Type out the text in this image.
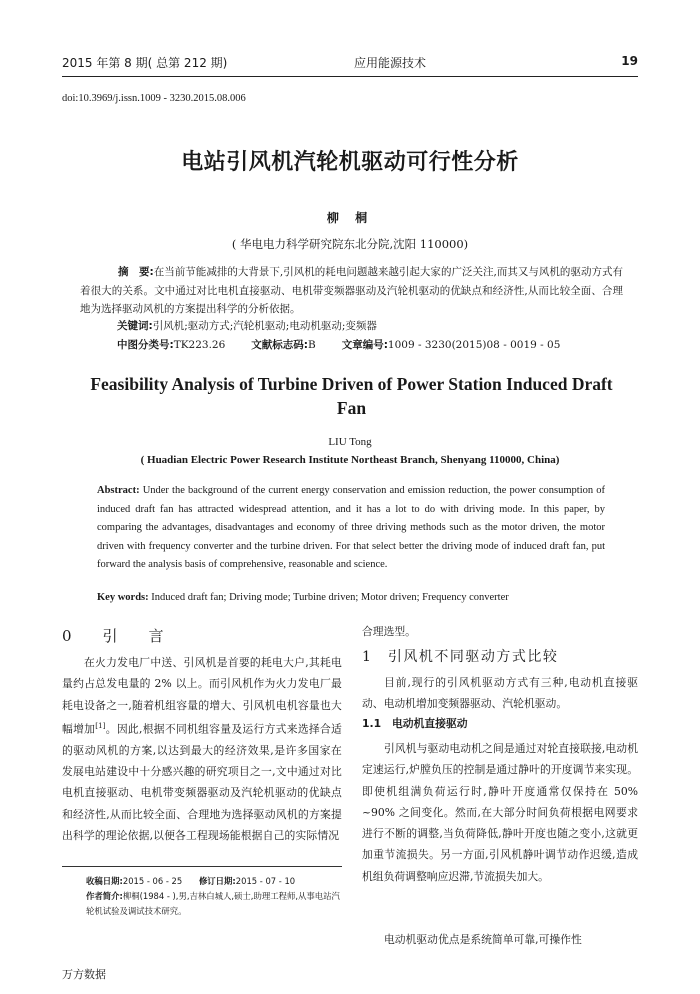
2015 年第 8 期( 总第 212 期)	应用能源技术	19
doi:10.3969/j.issn.1009 - 3230.2015.08.006
电站引风机汽轮机驱动可行性分析
柳 桐
( 华电电力科学研究院东北分院,沈阳 110000)
摘　要:在当前节能减排的大背景下,引风机的耗电问题越来越引起大家的广泛关注,而其又与风机的驱动方式有着很大的关系。文中通过对比电机直接驱动、电机带变频器驱动及汽轮机驱动的优缺点和经济性,从而比较全面、合理地为选择驱动风机的方案提出科学的分析依据。
关键词:引风机;驱动方式;汽轮机驱动;电动机驱动;变频器
中图分类号:TK223.26 文献标志码:B 文章编号:1009 - 3230(2015)08 - 0019 - 05
Feasibility Analysis of Turbine Driven of Power Station Induced Draft Fan
LIU Tong
( Huadian Electric Power Research Institute Northeast Branch, Shenyang 110000, China)
Abstract: Under the background of the current energy conservation and emission reduction, the power consumption of induced draft fan has attracted widespread attention, and it has a lot to do with driving mode. In this paper, by comparing the advantages, disadvantages and economy of three driving methods such as the motor driven, the motor driven with frequency converter and the turbine driven. For that select better the driving mode of induced draft fan, put forward the analysis basis of comprehensive, reasonable and science.
Key words: Induced draft fan; Driving mode; Turbine driven; Motor driven; Frequency converter
0　引　言
在火力发电厂中送、引风机是首要的耗电大户,其耗电量约占总发电量的 2% 以上。而引风机作为火力发电厂最耗电设备之一,随着机组容量的增大、引风机电机容量也大幅增加[1]。因此,根据不同机组容量及运行方式来选择合适的驱动风机的方案,以达到最大的经济效果,是许多国家在发展电站建设中十分感兴趣的研究项目之一,文中通过对比电机直接驱动、电机带变频器驱动及汽轮机驱动的优缺点和经济性,从而比较全面、合理地为选择驱动风机的方案提出科学的理论依据,以便各工程现场能根据自己的实际情况
收稿日期:2015 - 06 - 25　　 修订日期:2015 - 07 - 10
作者简介:柳桐(1984 - ),男,吉林白城人,硕士,助理工程师,从事电站汽轮机试验及调试技术研究。
合理选型。
1　引风机不同驱动方式比较
目前,现行的引风机驱动方式有三种,电动机直接驱动、电动机增加变频器驱动、汽轮机驱动。
1.1 电动机直接驱动
引风机与驱动电动机之间是通过对轮直接联接,电动机定速运行,炉膛负压的控制是通过静叶的开度调节来实现。即使机组满负荷运行时,静叶开度通常仅保持在 50% ~90% 之间变化。然而,在大部分时间负荷根据电网要求进行不断的调整,当负荷降低,静叶开度也随之变小,这就更加重节流损失。另一方面,引风机静叶调节动作迟缓,造成机组负荷调整响应迟滞,节流损失加大。
电动机驱动优点是系统简单可靠,可操作性
万方数据
